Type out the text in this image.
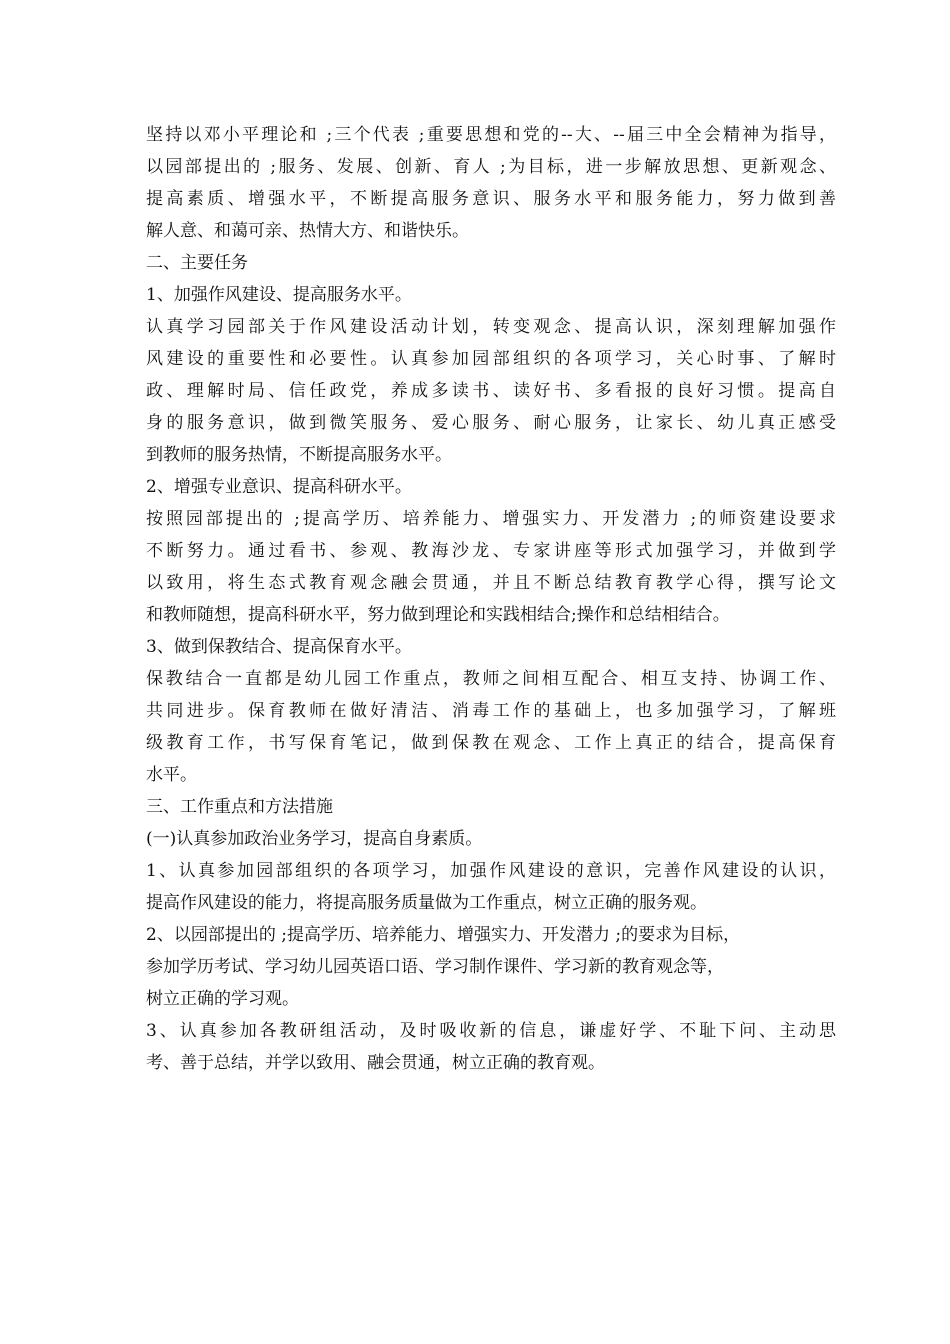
坚持以邓小平理论和 ;三个代表 ;重要思想和党的--大、--届三中全会精神为指导，
以园部提出的 ;服务、发展、创新、育人 ;为目标，进一步解放思想、更新观念、
提高素质、增强水平，不断提高服务意识、服务水平和服务能力，努力做到善
解人意、和蔼可亲、热情大方、和谐快乐。
二、主要任务
1、加强作风建设、提高服务水平。
认真学习园部关于作风建设活动计划，转变观念、提高认识，深刻理解加强作
风建设的重要性和必要性。认真参加园部组织的各项学习，关心时事、了解时
政、理解时局、信任政党，养成多读书、读好书、多看报的良好习惯。提高自
身的服务意识，做到微笑服务、爱心服务、耐心服务，让家长、幼儿真正感受
到教师的服务热情，不断提高服务水平。
2、增强专业意识、提高科研水平。
按照园部提出的 ;提高学历、培养能力、增强实力、开发潜力 ;的师资建设要求
不断努力。通过看书、参观、教海沙龙、专家讲座等形式加强学习，并做到学
以致用，将生态式教育观念融会贯通，并且不断总结教育教学心得，撰写论文
和教师随想，提高科研水平，努力做到理论和实践相结合;操作和总结相结合。
3、做到保教结合、提高保育水平。
保教结合一直都是幼儿园工作重点，教师之间相互配合、相互支持、协调工作、
共同进步。保育教师在做好清洁、消毒工作的基础上，也多加强学习，了解班
级教育工作，书写保育笔记，做到保教在观念、工作上真正的结合，提高保育
水平。
三、工作重点和方法措施
(一)认真参加政治业务学习，提高自身素质。
1、认真参加园部组织的各项学习，加强作风建设的意识，完善作风建设的认识，
提高作风建设的能力，将提高服务质量做为工作重点，树立正确的服务观。
2、以园部提出的 ;提高学历、培养能力、增强实力、开发潜力 ;的要求为目标，
参加学历考试、学习幼儿园英语口语、学习制作课件、学习新的教育观念等，
树立正确的学习观。
3、认真参加各教研组活动，及时吸收新的信息，谦虚好学、不耻下问、主动思
考、善于总结，并学以致用、融会贯通，树立正确的教育观。
